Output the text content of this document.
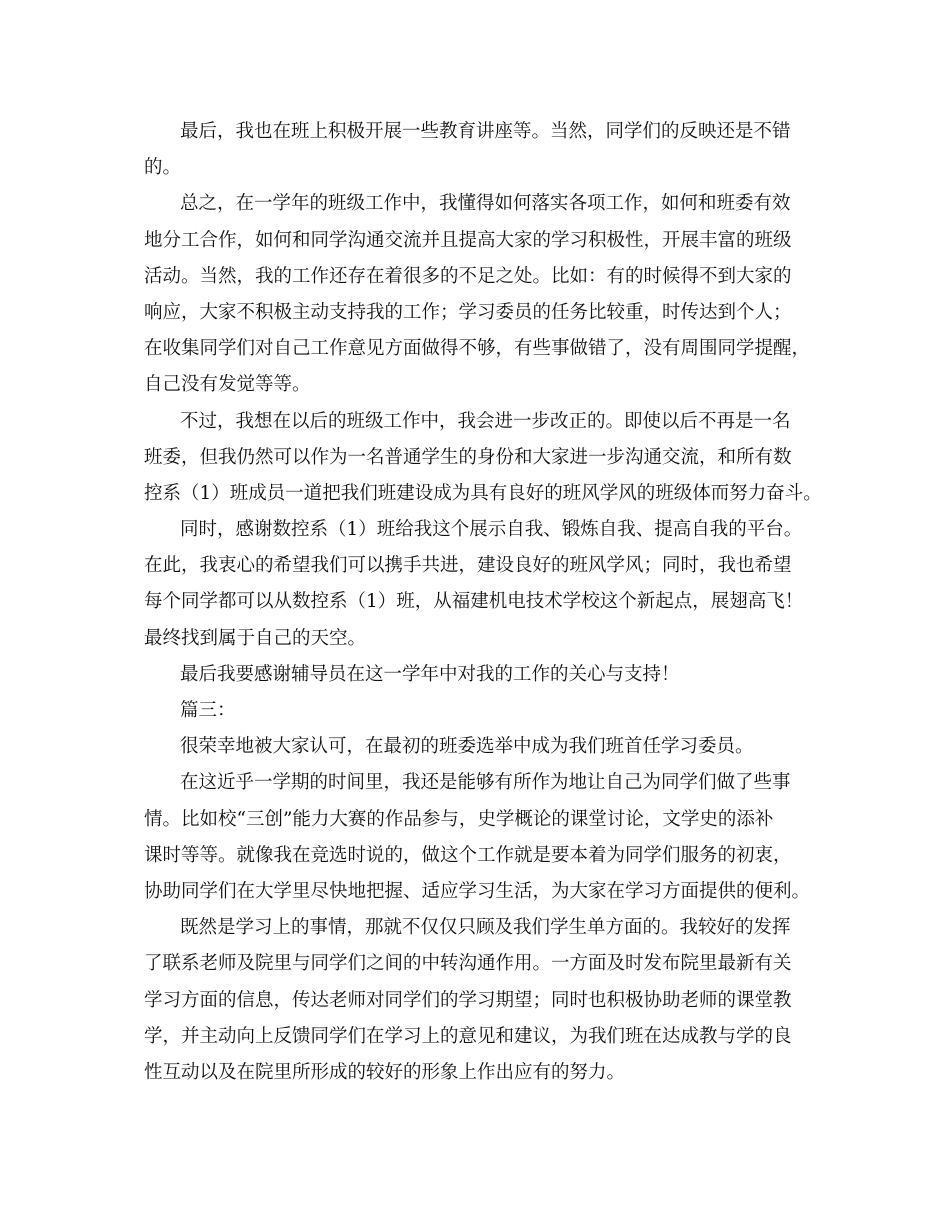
最后，我也在班上积极开展一些教育讲座等。当然，同学们的反映还是不错
的。
总之，在一学年的班级工作中，我懂得如何落实各项工作，如何和班委有效
地分工合作，如何和同学沟通交流并且提高大家的学习积极性，开展丰富的班级
活动。当然，我的工作还存在着很多的不足之处。比如：有的时候得不到大家的
响应，大家不积极主动支持我的工作；学习委员的任务比较重，时传达到个人；
在收集同学们对自己工作意见方面做得不够，有些事做错了，没有周围同学提醒，
自己没有发觉等等。
不过，我想在以后的班级工作中，我会进一步改正的。即使以后不再是一名
班委，但我仍然可以作为一名普通学生的身份和大家进一步沟通交流，和所有数
控系（1）班成员一道把我们班建设成为具有良好的班风学风的班级体而努力奋斗。
同时，感谢数控系（1）班给我这个展示自我、锻炼自我、提高自我的平台。
在此，我衷心的希望我们可以携手共进，建设良好的班风学风；同时，我也希望
每个同学都可以从数控系（1）班，从福建机电技术学校这个新起点，展翅高飞！
最终找到属于自己的天空。
最后我要感谢辅导员在这一学年中对我的工作的关心与支持！
篇三：
很荣幸地被大家认可，在最初的班委选举中成为我们班首任学习委员。
在这近乎一学期的时间里，我还是能够有所作为地让自己为同学们做了些事
情。比如校“三创”能力大赛的作品参与，史学概论的课堂讨论，文学史的添补
课时等等。就像我在竞选时说的，做这个工作就是要本着为同学们服务的初衷，
协助同学们在大学里尽快地把握、适应学习生活，为大家在学习方面提供的便利。
既然是学习上的事情，那就不仅仅只顾及我们学生单方面的。我较好的发挥
了联系老师及院里与同学们之间的中转沟通作用。一方面及时发布院里最新有关
学习方面的信息，传达老师对同学们的学习期望；同时也积极协助老师的课堂教
学，并主动向上反馈同学们在学习上的意见和建议，为我们班在达成教与学的良
性互动以及在院里所形成的较好的形象上作出应有的努力。
